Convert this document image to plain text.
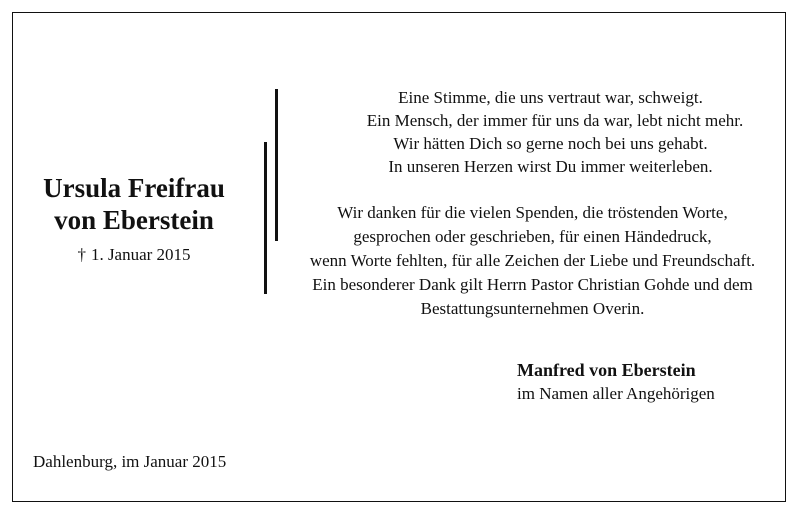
Ursula Freifrau
von Eberstein
† 1. Januar 2015
Eine Stimme, die uns vertraut war, schweigt.
Ein Mensch, der immer für uns da war, lebt nicht mehr.
Wir hätten Dich so gerne noch bei uns gehabt.
In unseren Herzen wirst Du immer weiterleben.
Wir danken für die vielen Spenden, die tröstenden Worte,
gesprochen oder geschrieben, für einen Händedruck,
wenn Worte fehlten, für alle Zeichen der Liebe und Freundschaft.
Ein besonderer Dank gilt Herrn Pastor Christian Gohde und dem
Bestattungsunternehmen Overin.
Manfred von Eberstein
im Namen aller Angehörigen
Dahlenburg, im Januar 2015
